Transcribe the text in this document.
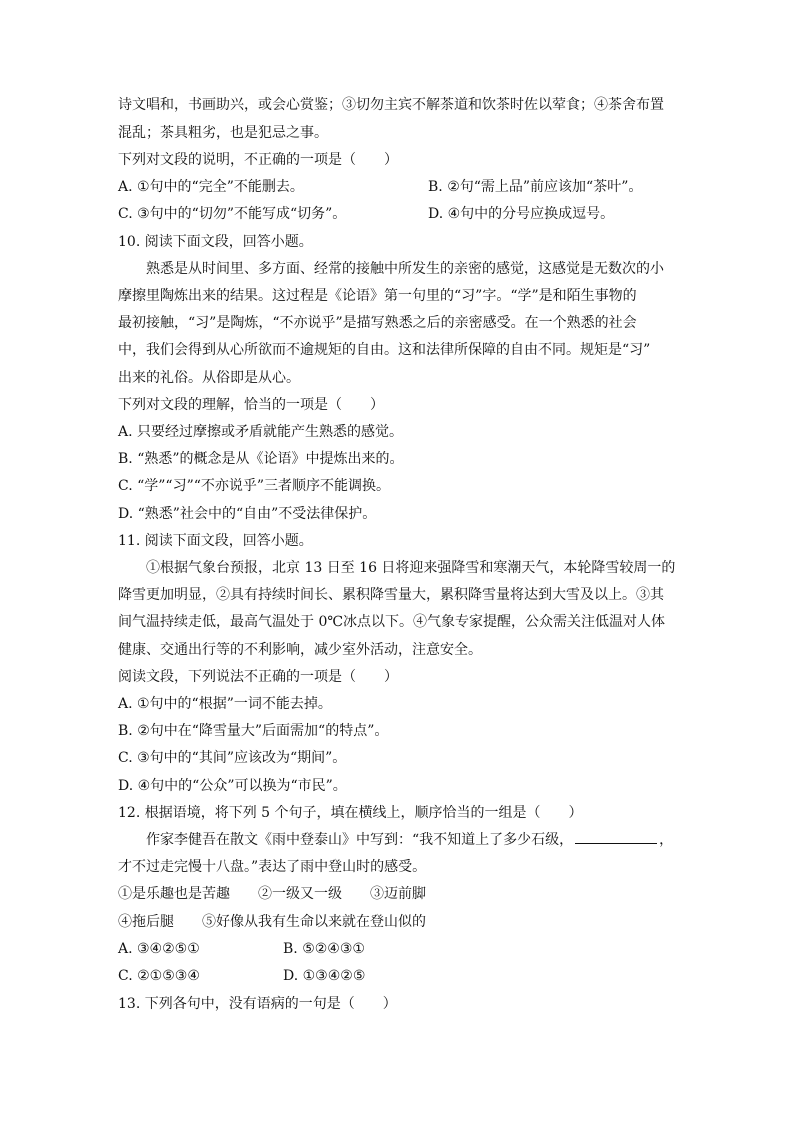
诗文唱和，书画助兴，或会心赏鉴；③切勿主宾不解茶道和饮茶时佐以荤食；④茶舍布置
混乱；茶具粗劣，也是犯忌之事。
下列对文段的说明，不正确的一项是（　　）
A. ①句中的“完全”不能删去。	B. ②句“需上品”前应该加“茶叶”。
C. ③句中的“切勿”不能写成“切务”。	D. ④句中的分号应换成逗号。
10. 阅读下面文段，回答小题。
熟悉是从时间里、多方面、经常的接触中所发生的亲密的感觉，这感觉是无数次的小
摩擦里陶炼出来的结果。这过程是《论语》第一句里的“习”字。“学”是和陌生事物的
最初接触，“习”是陶炼，“不亦说乎”是描写熟悉之后的亲密感受。在一个熟悉的社会
中，我们会得到从心所欲而不逾规矩的自由。这和法律所保障的自由不同。规矩是“习”
出来的礼俗。从俗即是从心。
下列对文段的理解，恰当的一项是（　　）
A. 只要经过摩擦或矛盾就能产生熟悉的感觉。
B. “熟悉”的概念是从《论语》中提炼出来的。
C. “学”“习”“不亦说乎”三者顺序不能调换。
D. “熟悉”社会中的“自由”不受法律保护。
11. 阅读下面文段，回答小题。
①根据气象台预报，北京 13 日至 16 日将迎来强降雪和寒潮天气，本轮降雪较周一的
降雪更加明显，②具有持续时间长、累积降雪量大，累积降雪量将达到大雪及以上。③其
间气温持续走低，最高气温处于 0℃冰点以下。④气象专家提醒，公众需关注低温对人体
健康、交通出行等的不利影响，减少室外活动，注意安全。
阅读文段，下列说法不正确的一项是（　　）
A. ①句中的“根据”一词不能去掉。
B. ②句中在“降雪量大”后面需加“的特点”。
C. ③句中的“其间”应该改为“期间”。
D. ④句中的“公众”可以换为“市民”。
12. 根据语境，将下列 5 个句子，填在横线上，顺序恰当的一组是（　　）
作家李健吾在散文《雨中登泰山》中写到：“我不知道上了多少石级，	，
才不过走完慢十八盘。”表达了雨中登山时的感受。
①是乐趣也是苦趣　　②一级又一级　　③迈前脚
④拖后腿　　⑤好像从我有生命以来就在登山似的
A. ③④②⑤①	B. ⑤②④③①
C. ②①⑤③④	D. ①③④②⑤
13. 下列各句中，没有语病的一句是（　　）
